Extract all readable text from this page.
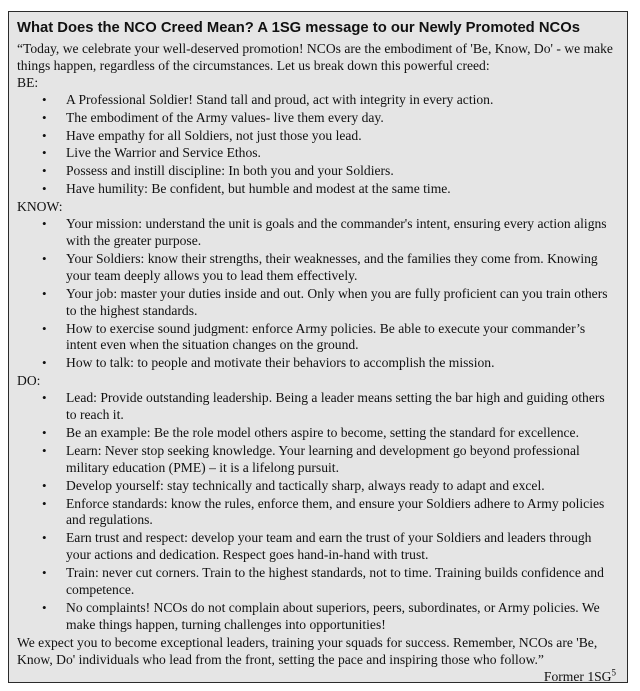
What Does the NCO Creed Mean? A 1SG message to our Newly Promoted NCOs

“Today, we celebrate your well-deserved promotion! NCOs are the embodiment of 'Be, Know, Do' - we make things happen, regardless of the circumstances. Let us break down this powerful creed:

BE:

• A Professional Soldier! Stand tall and proud, act with integrity in every action.
• The embodiment of the Army values- live them every day.
• Have empathy for all Soldiers, not just those you lead.
• Live the Warrior and Service Ethos.
• Possess and instill discipline: In both you and your Soldiers.
• Have humility: Be confident, but humble and modest at the same time.

KNOW:

• Your mission: understand the unit is goals and the commander's intent, ensuring every action aligns with the greater purpose.
• Your Soldiers: know their strengths, their weaknesses, and the families they come from. Knowing your team deeply allows you to lead them effectively.
• Your job: master your duties inside and out. Only when you are fully proficient can you train others to the highest standards.
• How to exercise sound judgment: enforce Army policies. Be able to execute your commander’s intent even when the situation changes on the ground.
• How to talk: to people and motivate their behaviors to accomplish the mission.

DO:

• Lead: Provide outstanding leadership. Being a leader means setting the bar high and guiding others to reach it.
• Be an example: Be the role model others aspire to become, setting the standard for excellence.
• Learn: Never stop seeking knowledge. Your learning and development go beyond professional military education (PME) – it is a lifelong pursuit.
• Develop yourself: stay technically and tactically sharp, always ready to adapt and excel.
• Enforce standards: know the rules, enforce them, and ensure your Soldiers adhere to Army policies and regulations.
• Earn trust and respect: develop your team and earn the trust of your Soldiers and leaders through your actions and dedication. Respect goes hand-in-hand with trust.
• Train: never cut corners. Train to the highest standards, not to time. Training builds confidence and competence.
• No complaints! NCOs do not complain about superiors, peers, subordinates, or Army policies. We make things happen, turning challenges into opportunities!

We expect you to become exceptional leaders, training your squads for success. Remember, NCOs are 'Be, Know, Do' individuals who lead from the front, setting the pace and inspiring those who follow.”

Former $1SG^5$
